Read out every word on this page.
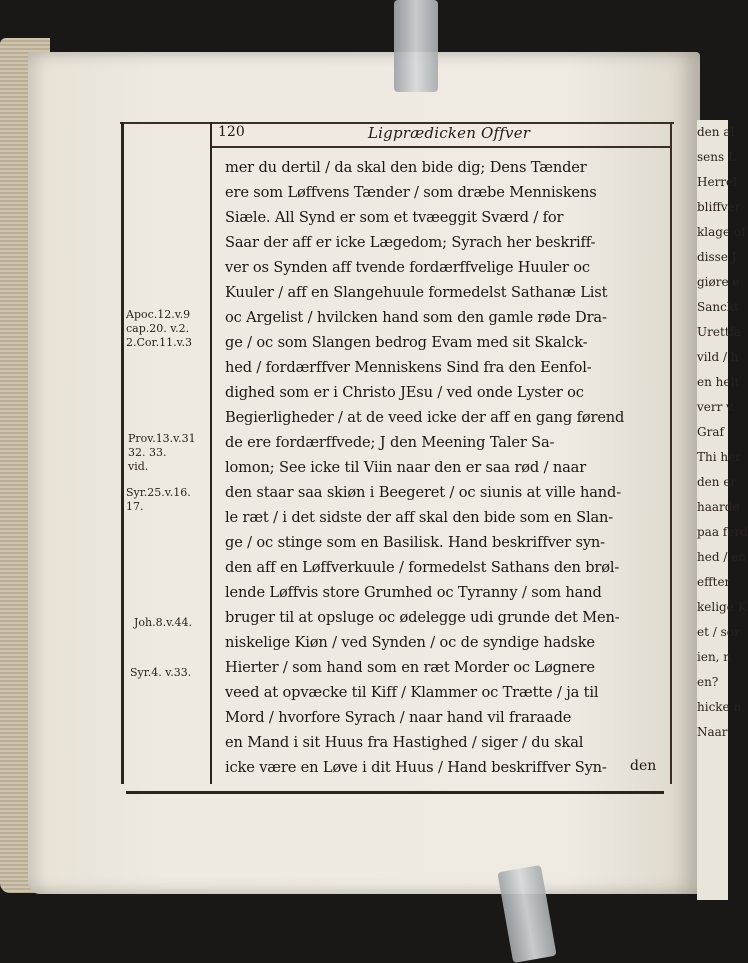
den al
sens L
Herrel
bliffver
klage of
disse J
giøre e
Sanckt
Urettfa
vild / h
en helt
verr v.
Graf
Thi her
den er
haarde
paa ferd
hed / en
effter
kelige K
et / sor
ien, n
en?
hicke n
Naar
120	Ligprædicken Offver
Apoc.12.v.9
cap.20. v.2.
2.Cor.11.v.3
Prov.13.v.31
32. 33.
vid.
Syr.25.v.16.
17.
Joh.8.v.44.
Syr.4. v.33.
mer du dertil / da skal den bide dig; Dens Tænder
ere som Løffvens Tænder / som dræbe Menniskens
Siæle. All Synd er som et tvæeggit Sværd / for
Saar der aff er icke Lægedom; Syrach her beskriff-
ver os Synden aff tvende fordærffvelige Huuler oc
Kuuler / aff en Slangehuule formedelst Sathanæ List
oc Argelist / hvilcken hand som den gamle røde Dra-
ge / oc som Slangen bedrog Evam med sit Skalck-
hed / fordærffver Menniskens Sind fra den Eenfol-
dighed som er i Christo JEsu / ved onde Lyster oc
Begierligheder / at de veed icke der aff en gang førend
de ere fordærffvede; J den Meening Taler Sa-
lomon; See icke til Viin naar den er saa rød / naar
den staar saa skiøn i Beegeret / oc siunis at ville hand-
le ræt / i det sidste der aff skal den bide som en Slan-
ge / oc stinge som en Basilisk. Hand beskriffver syn-
den aff en Løffverkuule / formedelst Sathans den brøl-
lende Løffvis store Grumhed oc Tyranny / som hand
bruger til at opsluge oc ødelegge udi grunde det Men-
niskelige Kiøn / ved Synden / oc de syndige hadske
Hierter / som hand som en ræt Morder oc Løgnere
veed at opvæcke til Kiff / Klammer oc Trætte / ja til
Mord / hvorfore Syrach / naar hand vil fraraade
en Mand i sit Huus fra Hastighed / siger / du skal
icke være en Løve i dit Huus / Hand beskriffver Syn-	den
